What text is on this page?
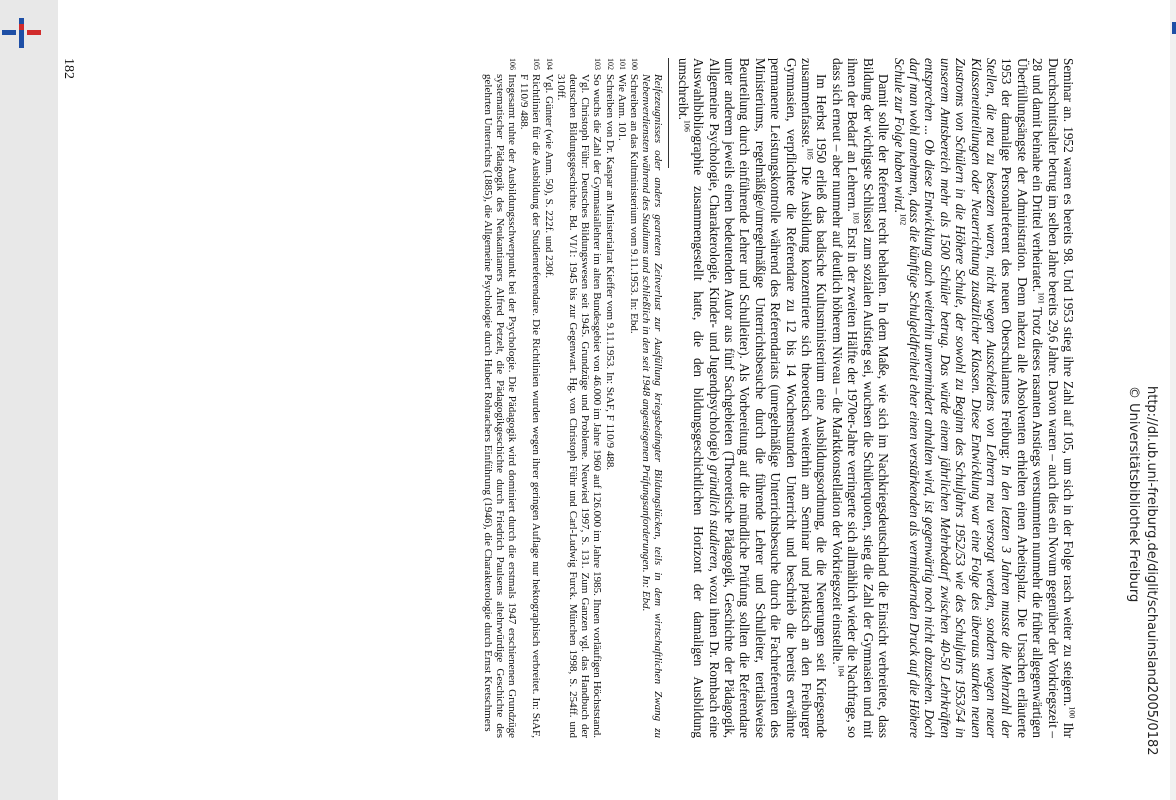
Seminar an. 1952 waren es bereits 98. Und 1953 stieg ihre Zahl auf 105, um sich in der Folge rasch weiter zu steigern.$^{100}$ Ihr Durchschnittsalter betrug im selben Jahre bereits 29,6 Jahre. Davon waren – auch dies ein Novum gegenüber der Vorkriegszeit – 28 und damit beinahe ein Drittel verheiratet.$^{101}$ Trotz dieses rasanten Anstiegs verstummten nunmehr die früher allgegenwärtigen Überfüllungsängste der Administration. Denn nahezu alle Absolventen erhielten einen Arbeitsplatz. Die Ursachen erläuterte 1953 der damalige Personalreferent des neuen Oberschulamtes Freiburg: In den letzten 3 Jahren musste die Mehrzahl der Stellen, die neu zu besetzen waren, nicht wegen Ausscheidens von Lehrern neu versorgt werden, sondern wegen neuer Klasseneinteilungen oder Neuerrichtung zusätzlicher Klassen. Diese Entwicklung war eine Folge des überaus starken neuen Zustroms von Schülern in die Höhere Schule, der sowohl zu Beginn des Schuljahrs 1952/53 wie des Schuljahrs 1953/54 in unserem Amtsbereich mehr als 1500 Schüler betrug. Das würde einem jährlichen Mehrbedarf zwischen 40-50 Lehrkräften entsprechen ... Ob diese Entwicklung auch weiterhin unvermindert anhalten wird, ist gegenwärtig noch nicht abzusehen. Doch darf man wohl annehmen, dass die künftige Schulgeldfreiheit eher einen verstärkenden als vermindernden Druck auf die Höhere Schule zur Folge haben wird.$^{102}$

Damit sollte der Referent recht behalten. In dem Maße, wie sich im Nachkriegsdeutschland die Einsicht verbreitete, dass Bildung der wichtigste Schlüssel zum sozialen Aufstieg sei, wuchsen die Schülerquoten, stieg die Zahl der Gymnasien und mit ihnen der Bedarf an Lehrern.$^{103}$ Erst in der zweiten Hälfte der 1970er-Jahre verringerte sich allmählich wieder die Nachfrage, so dass sich erneut – aber nunmehr auf deutlich höherem Niveau – die Marktkonstellation der Vorkriegszeit einstellte.$^{104}$

Im Herbst 1950 erließ das badische Kultusministerium eine Ausbildungsordnung, die die Neuerungen seit Kriegsende zusammenfasste.$^{105}$ Die Ausbildung konzentrierte sich theoretisch weiterhin am Seminar und praktisch an den Freiburger Gymnasien, verpflichtete die Referendare zu 12 bis 14 Wochenstunden Unterricht und beschrieb die bereits erwähnte permanente Leistungskontrolle während des Referendariats (unregelmäßige Unterrichtsbesuche durch die Fachreferenten des Ministeriums, regelmäßige/unregelmäßige Unterrichtsbesuche durch die führende Lehrer und Schulleiter, tertialsweise Beurteilung durch einführende Lehrer und Schulleiter). Als Vorbereitung auf die mündliche Prüfung sollten die Referendare unter anderem jeweils einen bedeutenden Autor aus fünf Sachgebieten (Theoretische Pädagogik, Geschichte der Pädagogik, Allgemeine Psychologie, Charakterologie, Kinder- und Jugendpsychologie) gründlich studieren, wozu ihnen Dr. Rombach eine Auswahlbibliographie zusammengestellt hatte, die den bildungsgeschichtlichen Horizont der damaligen Ausbildung umschreibt.$^{106}$

Reifezeugnisses oder anders gearteten Zeitverlust zur Ausfüllung kriegsbedingter Bildungslücken, teils in dem wirtschaftlichen Zwang zu Nebenverdiensten während des Studiums und schließlich in den seit 1948 angestiegenen Prüfungsanforderungen. In: Ebd.

100
Schreiben an das Kultministerium vom 9.11.1953. In: Ebd.
101
Wie Anm. 101.
102
Schreiben von Dr. Kaspar an Ministerialrat Kieffer vom 9.11.1953. In: StAF, F 110/9 488.
103
So wuchs die Zahl der Gymnasiallehrer im alten Bundesgebiet von 46.000 im Jahre 1960 auf 126.000 im Jahre 1985. Ihnen vorläufigen Höchststand. Vgl. Christoph Führ: Deutsches Bildungswesen seit 1945. Grundzüge und Probleme. Neuwied 1997, S. 131. Zum Ganzen vgl. das Handbuch der deutschen Bildungsgeschichte. Bd. VI/1: 1945 bis zur Gegenwart. Hg. von Christoph Führ und Carl-Ludwig Furck. München 1998, S. 254ff. und 310ff.
104
Vgl. Günter (wie Anm. 50), S. 222f. und 230f.
105
Richtlinien für die Ausbildung der Studienreferendare. Die Richtlinien wurden wegen ihrer geringen Auflage nur hektographisch verbreitet. In: StAF, F 110/9 488.
106
Insgesamt ruhte der Ausbildungsschwerpunkt bei der Psychologie. Die Pädagogik wird dominiert durch die erstmals 1947 erschienenen Grundzüge systematischer Pädagogik des Neukantianers Alfred Petzelt, die Pädagogikgeschichte durch Friedrich Paulsens altehrwürdige Geschichte des gelehrten Unterrichts (1885), die Allgemeine Psychologie durch Hubert Rohrachers Einführung (1946), die Charakterologie durch Ernst Kretschmers
182
http://dl.ub.uni-freiburg.de/diglit/schauinsland2005/0182
© Universitätsbibliothek Freiburg
